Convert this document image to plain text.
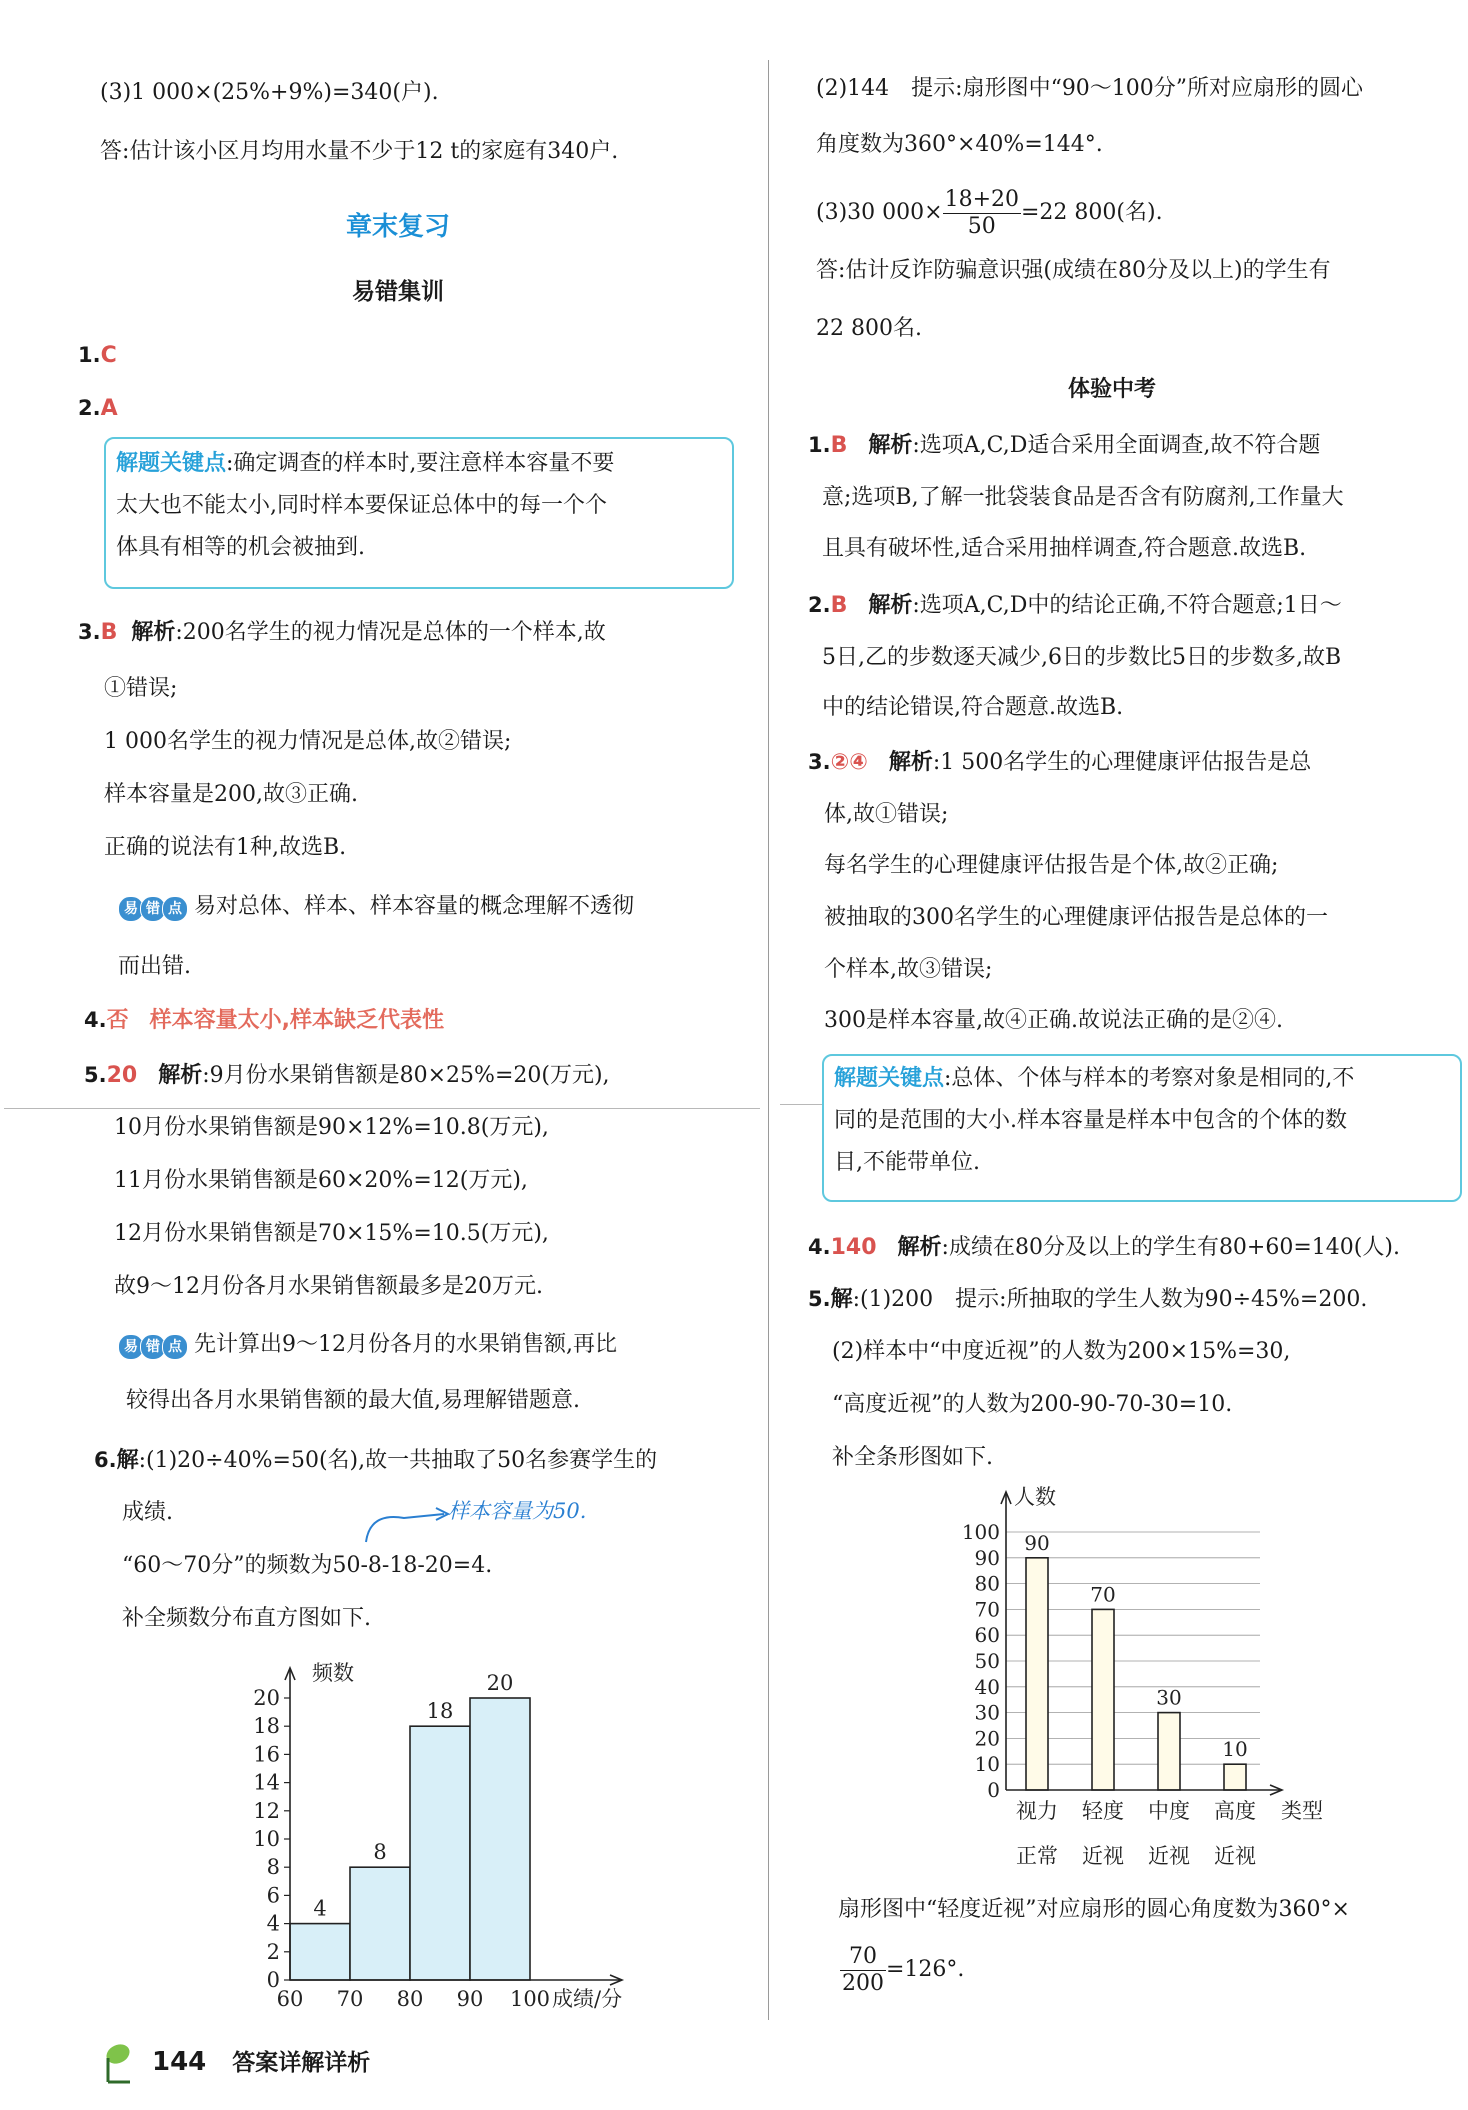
(3)1 000×(25%+9%)=340(户).
答:估计该小区月均用水量不少于12 t的家庭有340户.
章末复习
易错集训
1.C
2.A
解题关键点:确定调查的样本时,要注意样本容量不要
太大也不能太小,同时样本要保证总体中的每一个个
体具有相等的机会被抽到.
3.B 解析:200名学生的视力情况是总体的一个样本,故
①错误;
1 000名学生的视力情况是总体,故②错误;
样本容量是200,故③正确.
正确的说法有1种,故选B.
易 错 点 易对总体、样本、样本容量的概念理解不透彻
而出错.
4.否 样本容量太小,样本缺乏代表性
5.20 解析:9月份水果销售额是80×25%=20(万元),
10月份水果销售额是90×12%=10.8(万元),
11月份水果销售额是60×20%=12(万元),
12月份水果销售额是70×15%=10.5(万元),
故9～12月份各月水果销售额最多是20万元.
易 错 点 先计算出9～12月份各月的水果销售额,再比
较得出各月水果销售额的最大值,易理解错题意.
6.解:(1)20÷40%=50(名),故一共抽取了50名参赛学生的
成绩.	样本容量为50.
“60～70分”的频数为50-8-18-20=4.
补全频数分布直方图如下.
0
2
4
6
8
10
12
14
16
18
20
4
8
18
20
频数
60 70 80 90 100 成绩/分
(2)144　提示:扇形图中“90～100分”所对应扇形的圆心
角度数为360°×40%=144°.
(3)30 $000\times \frac{18+20}{50} =22$ 800(名).
答:估计反诈防骗意识强(成绩在80分及以上)的学生有
22 800名.
体验中考
1.B 解析:选项A,C,D适合采用全面调查,故不符合题
意;选项B,了解一批袋装食品是否含有防腐剂,工作量大
且具有破坏性,适合采用抽样调查,符合题意.故选B.
2.B 解析:选项A,C,D中的结论正确,不符合题意;1日～
5日,乙的步数逐天减少,6日的步数比5日的步数多,故B
中的结论错误,符合题意.故选B.
3.②④ 解析:1 500名学生的心理健康评估报告是总
体,故①错误;
每名学生的心理健康评估报告是个体,故②正确;
被抽取的300名学生的心理健康评估报告是总体的一
个样本,故③错误;
300是样本容量,故④正确.故说法正确的是②④.
解题关键点:总体、个体与样本的考察对象是相同的,不
同的是范围的大小.样本容量是样本中包含的个体的数
目,不能带单位.
4.140 解析:成绩在80分及以上的学生有80+60=140(人).
5.解:(1)200　提示:所抽取的学生人数为90÷45%=200.
(2)样本中“中度近视”的人数为200×15%=30,
“高度近视”的人数为200-90-70-30=10.
补全条形图如下.
扇形图中“轻度近视”对应扇形的圆心角度数为360°×
$\frac{70}{200} =126^\circ$.
0
10
20
30
40
50
60
70
80
90
100 90
视力
正常
70
轻度
近视
30
中度
近视
10
高度
近视
人数
类型
144 答案详解详析
